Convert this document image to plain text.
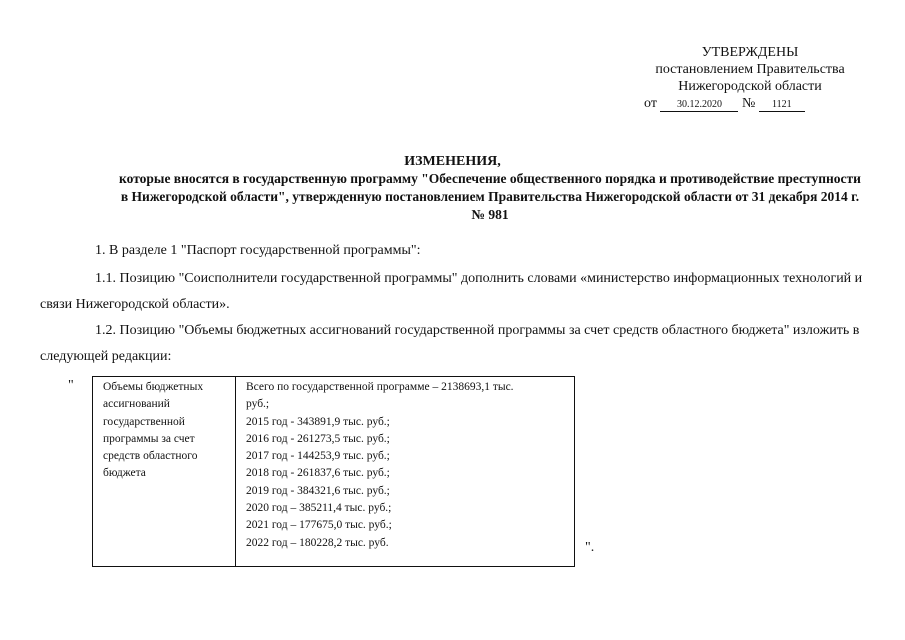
УТВЕРЖДЕНЫ
постановлением Правительства
Нижегородской области
от 30.12.2020 № 1121
ИЗМЕНЕНИЯ,
которые вносятся в государственную программу "Обеспечение общественного порядка и противодействие преступности в Нижегородской области", утвержденную постановлением Правительства Нижегородской области от 31 декабря 2014 г. № 981
1. В разделе 1 "Паспорт государственной программы":
1.1. Позицию "Соисполнители государственной программы" дополнить словами «министерство информационных технологий и связи Нижегородской области».
1.2. Позицию "Объемы бюджетных ассигнований государственной программы за счет средств областного бюджета" изложить в следующей редакции:
"	Объемы бюджетных
ассигнований
государственной
программы за счет
средств областного
бюджета

Всего по государственной программе – 2138693,1 тыс.
руб.;
2015 год - 343891,9 тыс. руб.;
2016 год - 261273,5 тыс. руб.;
2017 год - 144253,9 тыс. руб.;
2018 год - 261837,6 тыс. руб.;
2019 год - 384321,6 тыс. руб.;
2020 год – 385211,4 тыс. руб.;
2021 год – 177675,0 тыс. руб.;
2022 год – 180228,2 тыс. руб.	".
